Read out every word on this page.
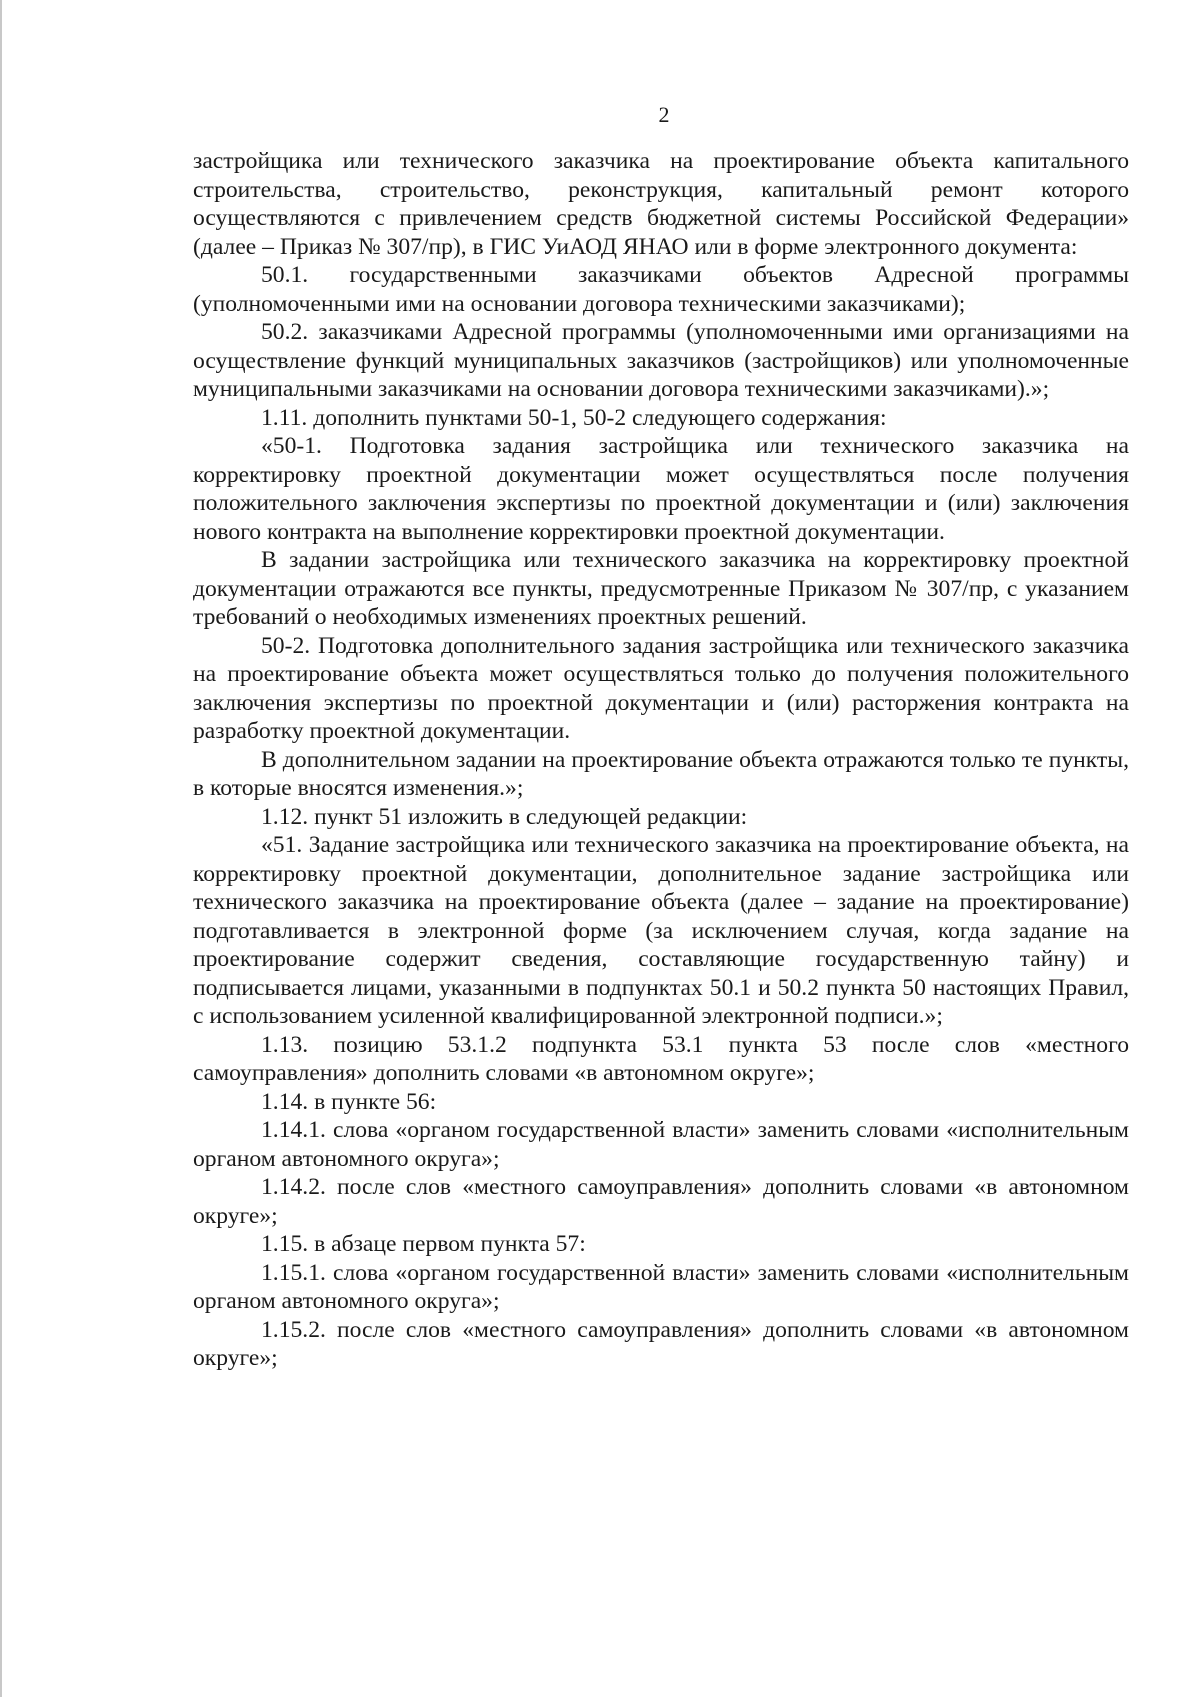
2

застройщика или технического заказчика на проектирование объекта капитального строительства, строительство, реконструкция, капитальный ремонт которого осуществляются с привлечением средств бюджетной системы Российской Федерации» (далее – Приказ № 307/пр), в ГИС УиАОД ЯНАО или в форме электронного документа:

50.1. государственными заказчиками объектов Адресной программы (уполномоченными ими на основании договора техническими заказчиками);

50.2. заказчиками Адресной программы (уполномоченными ими организациями на осуществление функций муниципальных заказчиков (застройщиков) или уполномоченные муниципальными заказчиками на основании договора техническими заказчиками).»;

1.11. дополнить пунктами 50-1, 50-2 следующего содержания:

«50-1. Подготовка задания застройщика или технического заказчика на корректировку проектной документации может осуществляться после получения положительного заключения экспертизы по проектной документации и (или) заключения нового контракта на выполнение корректировки проектной документации.

В задании застройщика или технического заказчика на корректировку проектной документации отражаются все пункты, предусмотренные Приказом № 307/пр, с указанием требований о необходимых изменениях проектных решений.

50-2. Подготовка дополнительного задания застройщика или технического заказчика на проектирование объекта может осуществляться только до получения положительного заключения экспертизы по проектной документации и (или) расторжения контракта на разработку проектной документации.

В дополнительном задании на проектирование объекта отражаются только те пункты, в которые вносятся изменения.»;

1.12. пункт 51 изложить в следующей редакции:

«51. Задание застройщика или технического заказчика на проектирование объекта, на корректировку проектной документации, дополнительное задание застройщика или технического заказчика на проектирование объекта (далее – задание на проектирование) подготавливается в электронной форме (за исключением случая, когда задание на проектирование содержит сведения, составляющие государственную тайну) и подписывается лицами, указанными в подпунктах 50.1 и 50.2 пункта 50 настоящих Правил, с использованием усиленной квалифицированной электронной подписи.»;

1.13. позицию 53.1.2 подпункта 53.1 пункта 53 после слов «местного самоуправления» дополнить словами «в автономном округе»;

1.14. в пункте 56:

1.14.1. слова «органом государственной власти» заменить словами «исполнительным органом автономного округа»;

1.14.2. после слов «местного самоуправления» дополнить словами «в автономном округе»;

1.15. в абзаце первом пункта 57:

1.15.1. слова «органом государственной власти» заменить словами «исполнительным органом автономного округа»;

1.15.2. после слов «местного самоуправления» дополнить словами «в автономном округе»;
